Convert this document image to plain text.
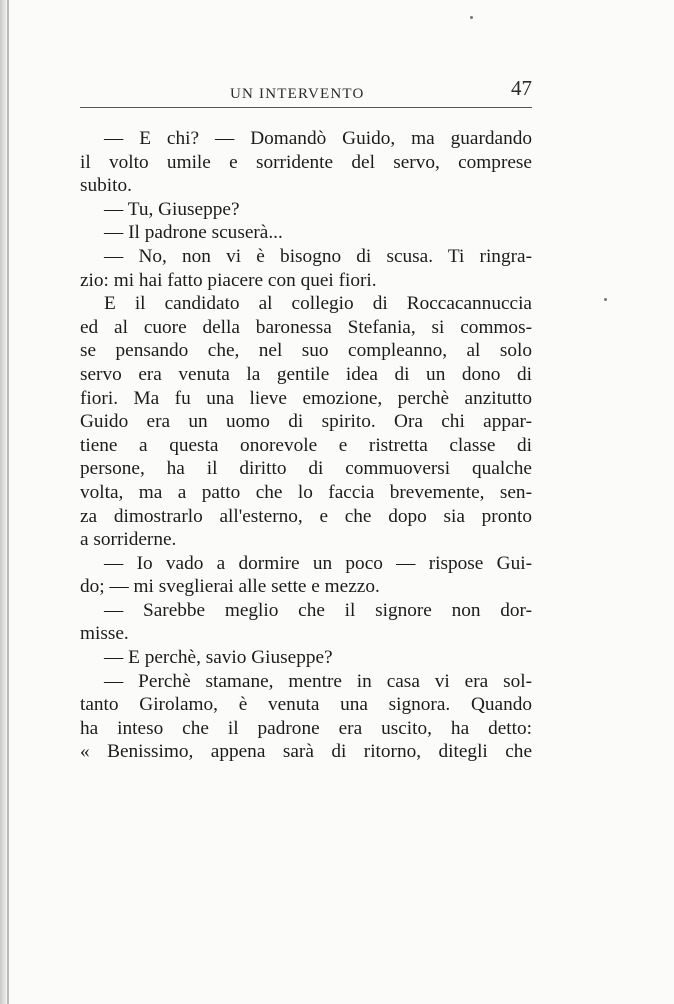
UN INTERVENTO	47
— E chi? — Domandò Guido, ma guardando
il volto umile e sorridente del servo, comprese
subito.
— Tu, Giuseppe?
— Il padrone scuserà...
— No, non vi è bisogno di scusa. Ti ringra-
zio: mi hai fatto piacere con quei fiori.
E il candidato al collegio di Roccacannuccia
ed al cuore della baronessa Stefania, si commos-
se pensando che, nel suo compleanno, al solo
servo era venuta la gentile idea di un dono di
fiori. Ma fu una lieve emozione, perchè anzitutto
Guido era un uomo di spirito. Ora chi appar-
tiene a questa onorevole e ristretta classe di
persone, ha il diritto di commuoversi qualche
volta, ma a patto che lo faccia brevemente, sen-
za dimostrarlo all'esterno, e che dopo sia pronto
a sorriderne.
— Io vado a dormire un poco — rispose Gui-
do; — mi sveglierai alle sette e mezzo.
— Sarebbe meglio che il signore non dor-
misse.
— E perchè, savio Giuseppe?
— Perchè stamane, mentre in casa vi era sol-
tanto Girolamo, è venuta una signora. Quando
ha inteso che il padrone era uscito, ha detto:
« Benissimo, appena sarà di ritorno, ditegli che
